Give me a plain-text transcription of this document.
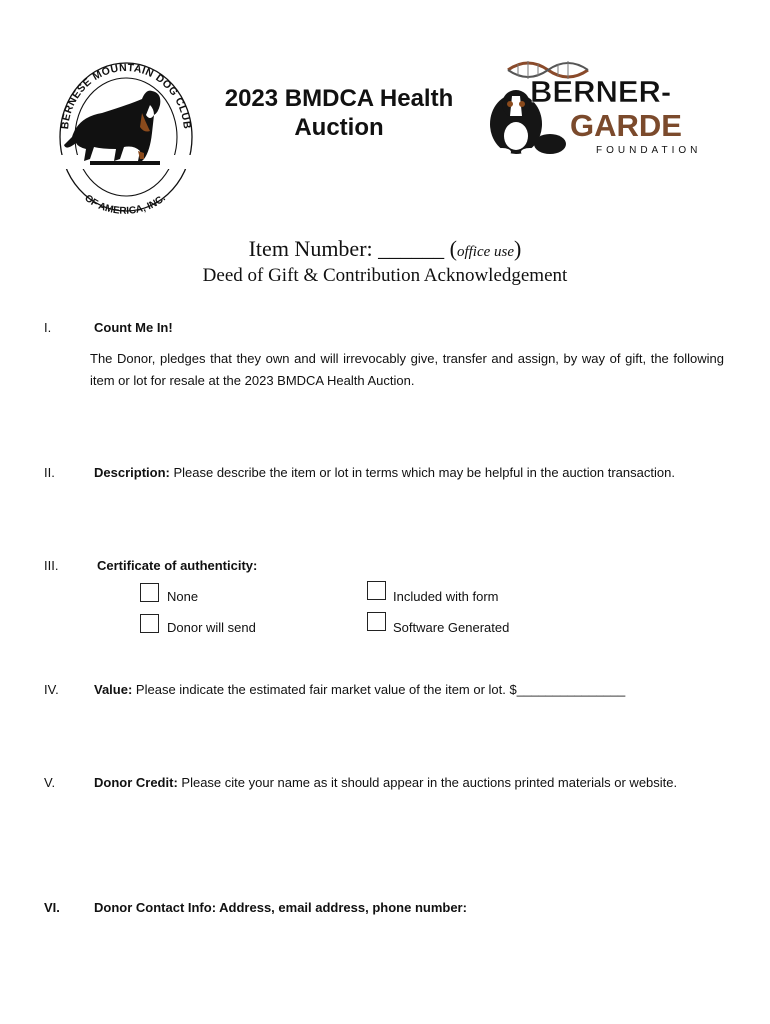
BERNESE MOUNTAIN DOG CLUB
OF AMERICA, INC.
2023 BMDCA Health
Auction
BERNER-
GARDE
FOUNDATION
Item Number: ______ (office use)
Deed of Gift & Contribution Acknowledgement
I.	Count Me In!
The Donor, pledges that they own and will irrevocably give, transfer and assign, by way of gift, the following item or lot for resale at the 2023 BMDCA Health Auction.
II.	Description: Please describe the item or lot in terms which may be helpful in the auction transaction.
III.	Certificate of authenticity:
None	Included with form
Donor will send	Software Generated
IV.	Value: Please indicate the estimated fair market value of the item or lot. $_______________
V.	Donor Credit: Please cite your name as it should appear in the auctions printed materials or website.
VI.	Donor Contact Info: Address, email address, phone number:
